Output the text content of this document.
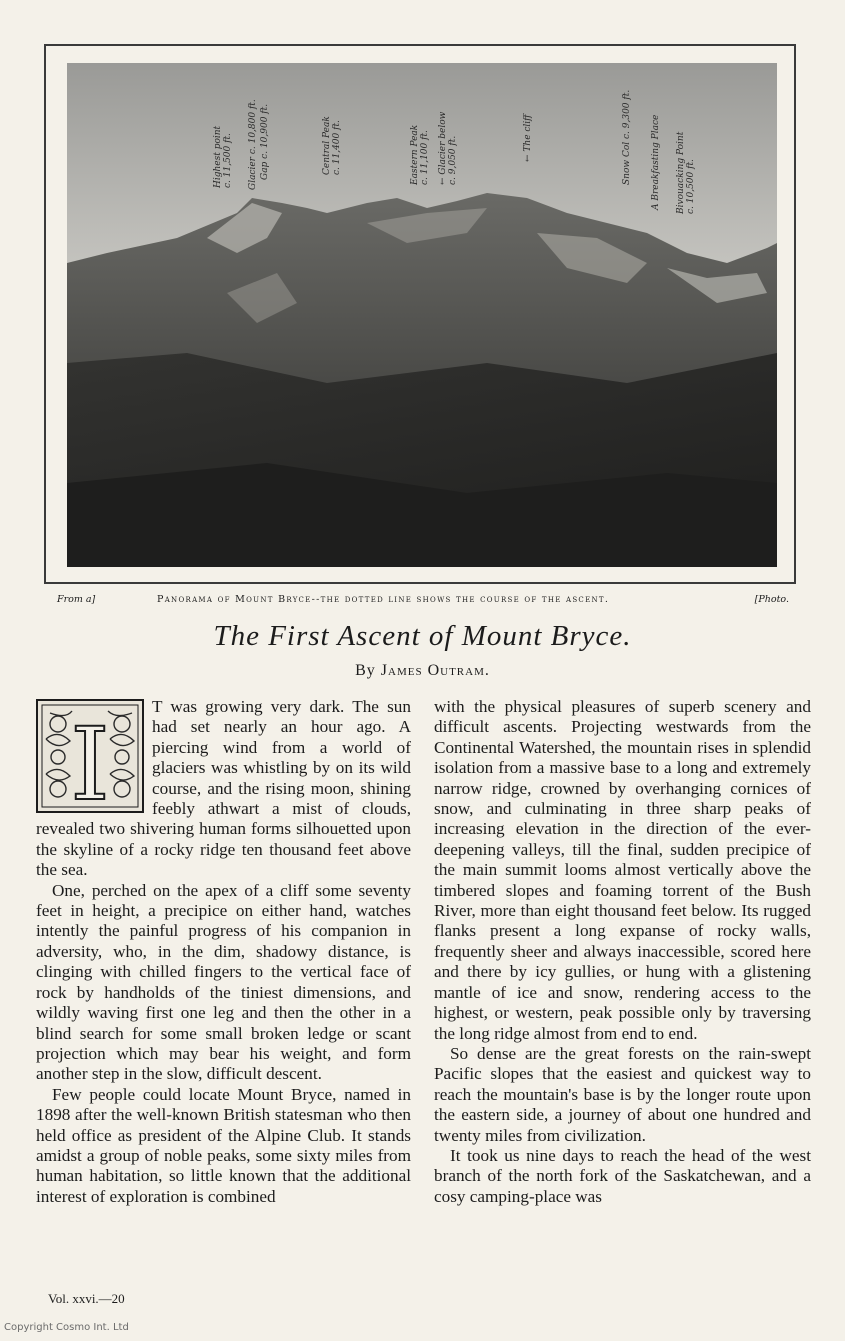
Highest point
c. 11,500 ft. Glacier c. 10,800 ft. Gap c. 10,900 ft.	Central Peak
c. 11,400 ft.
Eastern Peak
c. 11,100 ft.
← Glacier below
c. 9,050 ft.	← The cliff	Snow Col c. 9,300 ft. A Breakfasting Place Bivouacking Point
c. 10,500 ft.
From a]	Panorama of Mount Bryce--the dotted line shows the course of the ascent.	[Photo.
The First Ascent of Mount Bryce.
By James Outram.
I	T was growing very dark. The sun had set nearly an hour ago. A piercing wind from a world of glaciers was whistling by on its wild course, and the rising moon, shining feebly athwart a mist of clouds, revealed two shivering human forms silhouetted upon the skyline of a rocky ridge ten thousand feet above the sea.

One, perched on the apex of a cliff some seventy feet in height, a precipice on either hand, watches intently the painful progress of his companion in adversity, who, in the dim, shadowy distance, is clinging with chilled fingers to the vertical face of rock by handholds of the tiniest dimensions, and wildly waving first one leg and then the other in a blind search for some small broken ledge or scant projection which may bear his weight, and form another step in the slow, difficult descent.

Few people could locate Mount Bryce, named in 1898 after the well-known British statesman who then held office as president of the Alpine Club. It stands amidst a group of noble peaks, some sixty miles from human habitation, so little known that the additional interest of exploration is combined

with the physical pleasures of superb scenery and difficult ascents. Projecting westwards from the Continental Watershed, the mountain rises in splendid isolation from a massive base to a long and extremely narrow ridge, crowned by overhanging cornices of snow, and culminating in three sharp peaks of increasing elevation in the direction of the ever-deepening valleys, till the final, sudden precipice of the main summit looms almost vertically above the timbered slopes and foaming torrent of the Bush River, more than eight thousand feet below. Its rugged flanks present a long expanse of rocky walls, frequently sheer and always inaccessible, scored here and there by icy gullies, or hung with a glistening mantle of ice and snow, rendering access to the highest, or western, peak possible only by traversing the long ridge almost from end to end.

So dense are the great forests on the rain-swept Pacific slopes that the easiest and quickest way to reach the mountain's base is by the longer route upon the eastern side, a journey of about one hundred and twenty miles from civilization.

It took us nine days to reach the head of the west branch of the north fork of the Saskatchewan, and a cosy camping-place was

Vol. xxvi.—20
Copyright Cosmo Int. Ltd
